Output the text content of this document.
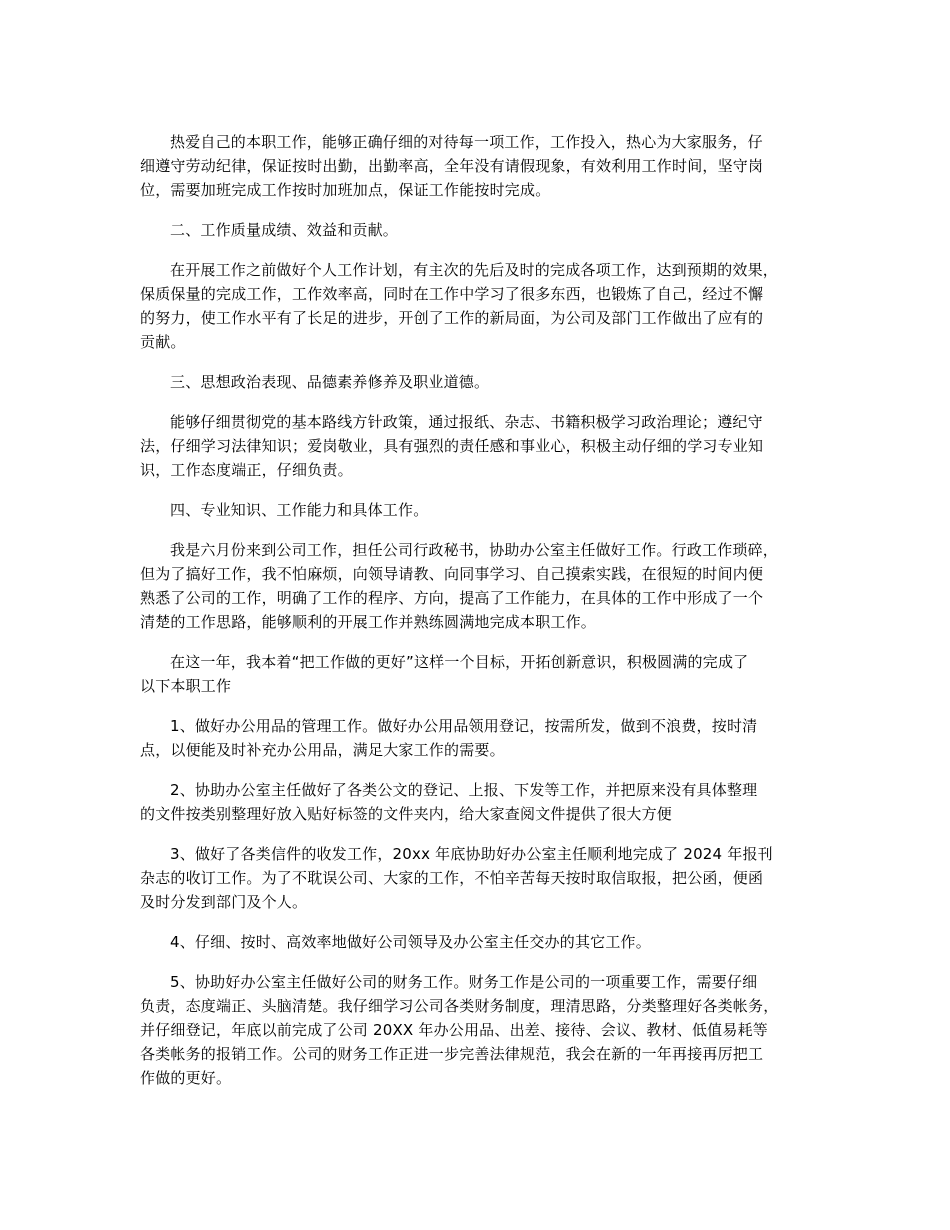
热爱自己的本职工作，能够正确仔细的对待每一项工作，工作投入，热心为大家服务，仔
细遵守劳动纪律，保证按时出勤，出勤率高，全年没有请假现象，有效利用工作时间，坚守岗
位，需要加班完成工作按时加班加点，保证工作能按时完成。

二、工作质量成绩、效益和贡献。

在开展工作之前做好个人工作计划，有主次的先后及时的完成各项工作，达到预期的效果，
保质保量的完成工作，工作效率高，同时在工作中学习了很多东西，也锻炼了自己，经过不懈
的努力，使工作水平有了长足的进步，开创了工作的新局面，为公司及部门工作做出了应有的
贡献。

三、思想政治表现、品德素养修养及职业道德。

能够仔细贯彻党的基本路线方针政策，通过报纸、杂志、书籍积极学习政治理论；遵纪守
法，仔细学习法律知识；爱岗敬业，具有强烈的责任感和事业心，积极主动仔细的学习专业知
识，工作态度端正，仔细负责。

四、专业知识、工作能力和具体工作。

我是六月份来到公司工作，担任公司行政秘书，协助办公室主任做好工作。行政工作琐碎，
但为了搞好工作，我不怕麻烦，向领导请教、向同事学习、自己摸索实践，在很短的时间内便
熟悉了公司的工作，明确了工作的程序、方向，提高了工作能力，在具体的工作中形成了一个
清楚的工作思路，能够顺利的开展工作并熟练圆满地完成本职工作。

在这一年，我本着“把工作做的更好”这样一个目标，开拓创新意识，积极圆满的完成了
以下本职工作

1、做好办公用品的管理工作。做好办公用品领用登记，按需所发，做到不浪费，按时清
点，以便能及时补充办公用品，满足大家工作的需要。

2、协助办公室主任做好了各类公文的登记、上报、下发等工作，并把原来没有具体整理
的文件按类别整理好放入贴好标签的文件夹内，给大家查阅文件提供了很大方便

3、做好了各类信件的收发工作，20xx 年底协助好办公室主任顺利地完成了 2024 年报刊
杂志的收订工作。为了不耽误公司、大家的工作，不怕辛苦每天按时取信取报，把公函，便函
及时分发到部门及个人。

4、仔细、按时、高效率地做好公司领导及办公室主任交办的其它工作。

5、协助好办公室主任做好公司的财务工作。财务工作是公司的一项重要工作，需要仔细
负责，态度端正、头脑清楚。我仔细学习公司各类财务制度，理清思路，分类整理好各类帐务，
并仔细登记，年底以前完成了公司 20XX 年办公用品、出差、接待、会议、教材、低值易耗等
各类帐务的报销工作。公司的财务工作正进一步完善法律规范，我会在新的一年再接再厉把工
作做的更好。
